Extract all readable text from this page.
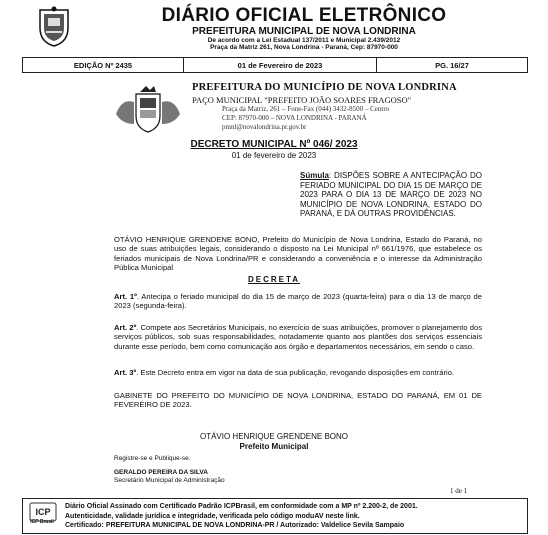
DIÁRIO OFICIAL ELETRÔNICO
PREFEITURA MUNICIPAL DE NOVA LONDRINA
De acordo com a Lei Estadual 137/2011 e Municipal 2.439/2012
Praça da Matriz 261, Nova Londrina - Paraná, Cep: 87970-000
EDIÇÃO Nº 2435	01 de Fevereiro de 2023	PG. 16/27
PREFEITURA DO MUNICÍPIO DE NOVA LONDRINA
PAÇO MUNICIPAL "PREFEITO JOÃO SOARES FRAGOSO"
Praça da Matriz, 261 – Fone-Fax (044) 3432-8500 – Centro
CEP: 87970-000 – NOVA LONDRINA - PARANÁ
pmnl@novalondrina.pr.gov.br
DECRETO MUNICIPAL Nº 046/ 2023
01 de fevereiro de 2023
Súmula: DISPÕES SOBRE A ANTECIPAÇÃO DO FERIADO MUNICIPAL DO DIA 15 DE MARÇO DE 2023 PARA O DIA 13 DE MARÇO DE 2023 NO MUNICÍPIO DE NOVA LONDRINA, ESTADO DO PARANÁ, E DÁ OUTRAS PROVIDÊNCIAS.
OTÁVIO HENRIQUE GRENDENE BONO, Prefeito do Município de Nova Londrina, Estado do Paraná, no uso de suas atribuições legais, considerando o disposto na Lei Municipal nº 661/1976, que estabelece os feriados municipais de Nova Londrina/PR e considerando a conveniência e o interesse da Administração Pública Municipal
DECRETA
Art. 1º. Antecipa o feriado municipal do dia 15 de março de 2023 (quarta-feira) para o dia 13 de março de 2023 (segunda-feira).
Art. 2º. Compete aos Secretários Municipais, no exercício de suas atribuições, promover o planejamento dos serviços públicos, sob suas responsabilidades, notadamente quanto aos plantões dos serviços essenciais durante esse período, bem como comunicação aos órgão e departamentos necessários, em sendo o caso.
Art. 3º. Este Decreto entra em vigor na data de sua publicação, revogando disposições em contrário.
GABINETE DO PREFEITO DO MUNICÍPIO DE NOVA LONDRINA, ESTADO DO PARANÁ, EM 01 DE FEVEREIRO DE 2023.
OTÁVIO HENRIQUE GRENDENE BONO
Prefeito Municipal
Registre-se e Publique-se.
GERALDO PEREIRA DA SILVA
Secretário Municipal de Administração
1 de 1
ICP
ICP Brasil
Diário Oficial Assinado com Certificado Padrão ICPBrasil, em conformidade com a MP nº 2.200-2, de 2001.
Autenticidade, validade jurídica e integridade, verificada pelo código moduAV neste link.
Certificado: PREFEITURA MUNICIPAL DE NOVA LONDRINA-PR / Autorizado: Valdelice Sevila Sampaio
